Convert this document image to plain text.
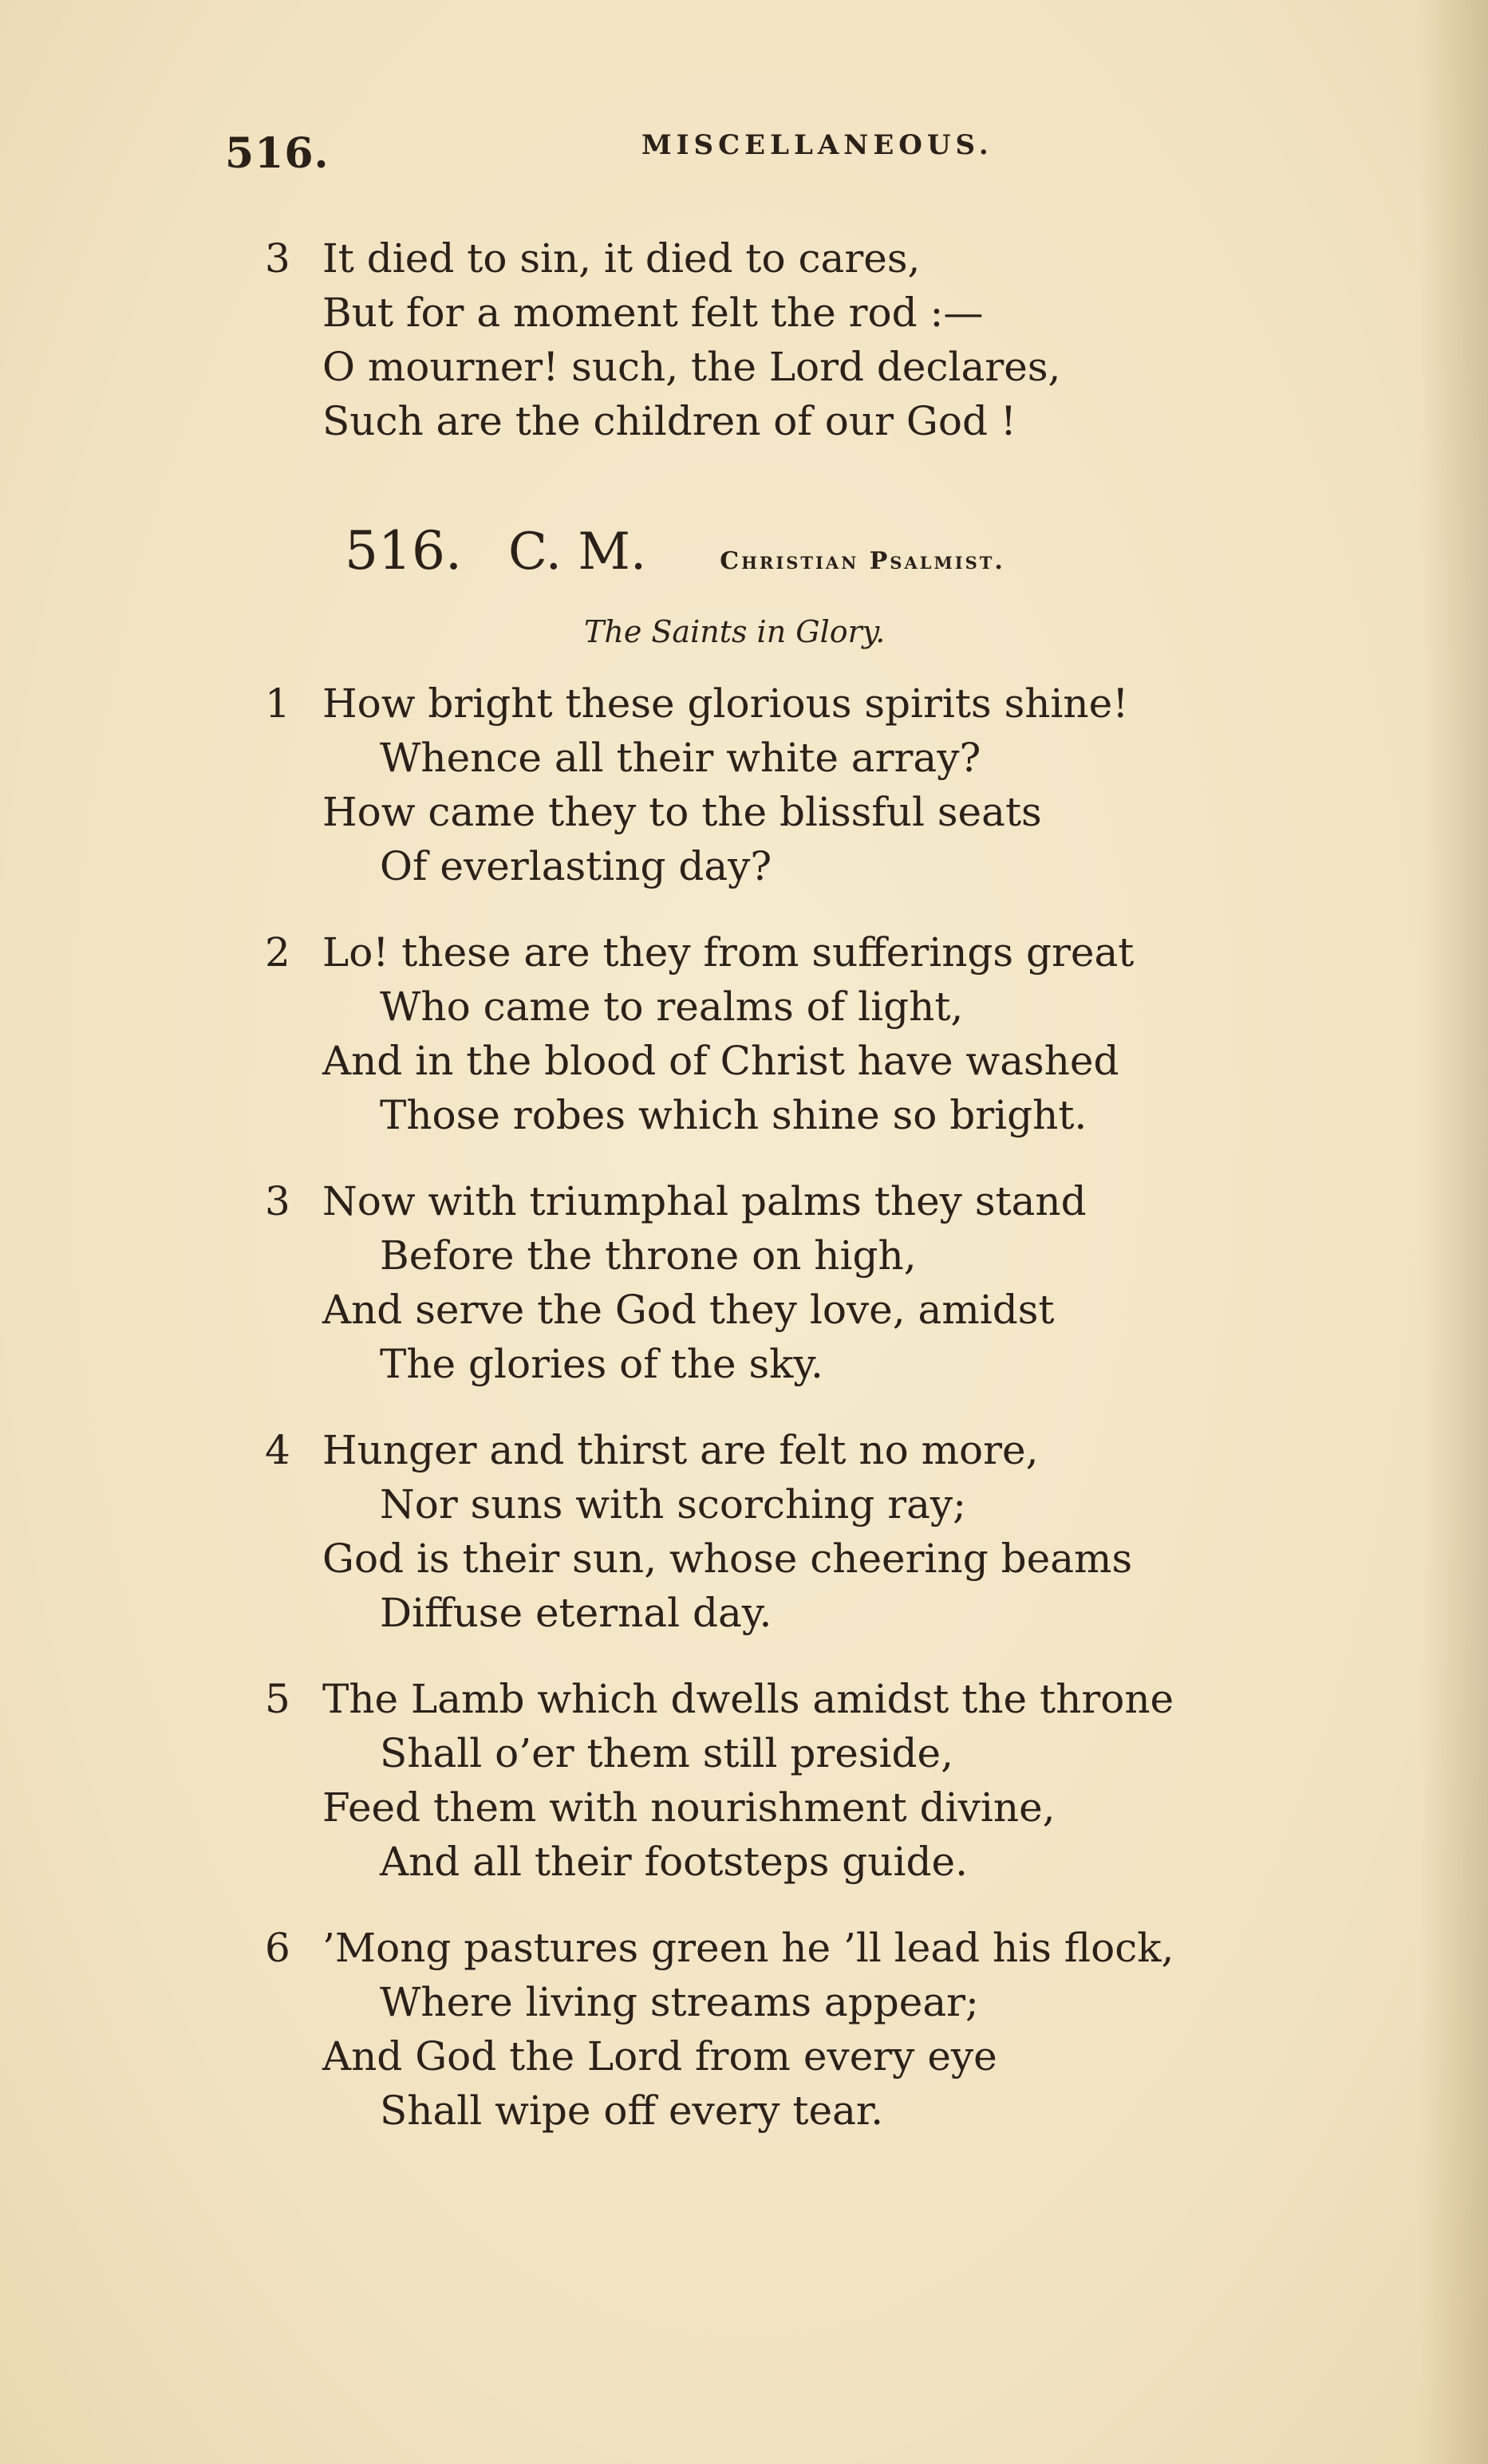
516.	MISCELLANEOUS.
3 It died to sin, it died to cares,
But for a moment felt the rod :—
O mourner! such, the Lord declares,
Such are the children of our God !
516. C. M.	Christian Psalmist.
The Saints in Glory.
1 How bright these glorious spirits shine!
Whence all their white array?
How came they to the blissful seats
Of everlasting day?
2 Lo! these are they from sufferings great
Who came to realms of light,
And in the blood of Christ have washed
Those robes which shine so bright.
3 Now with triumphal palms they stand
Before the throne on high,
And serve the God they love, amidst
The glories of the sky.
4 Hunger and thirst are felt no more,
Nor suns with scorching ray;
God is their sun, whose cheering beams
Diffuse eternal day.
5 The Lamb which dwells amidst the throne
Shall o’er them still preside,
Feed them with nourishment divine,
And all their footsteps guide.
6 ’Mong pastures green he ’ll lead his flock,
Where living streams appear;
And God the Lord from every eye
Shall wipe off every tear.
